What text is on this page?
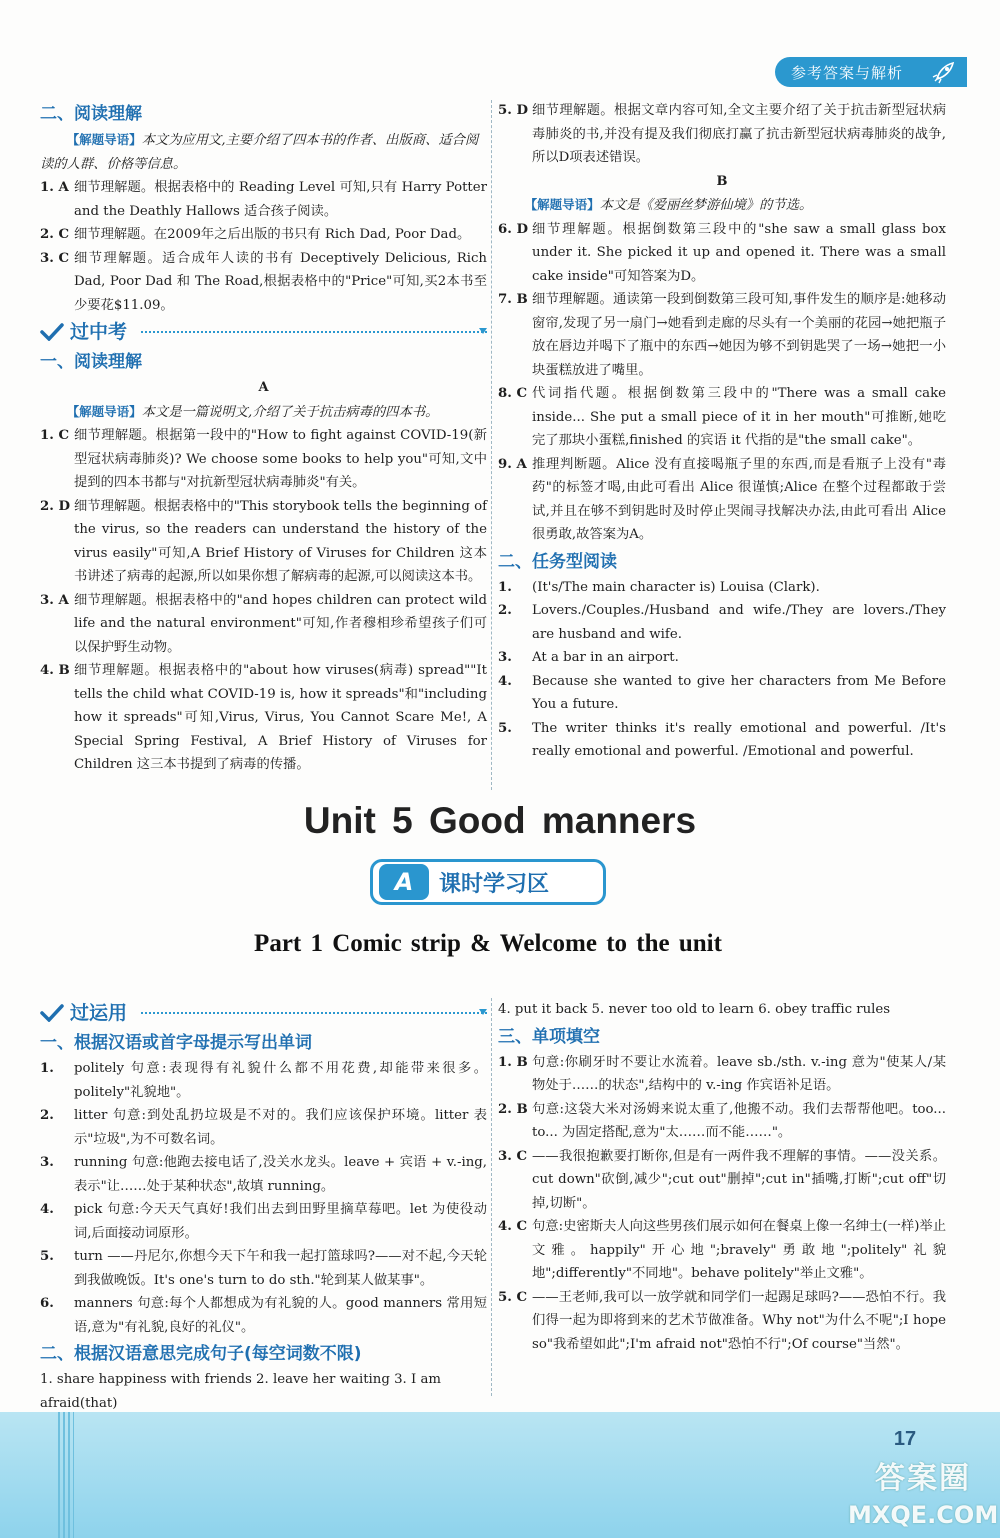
参考答案与解析
二、阅读理解
【解题导语】本文为应用文,主要介绍了四本书的作者、出版商、适合阅读的人群、价格等信息。
1. A 细节理解题。根据表格中的 Reading Level 可知,只有 Harry Potter and the Deathly Hallows 适合孩子阅读。
2. C 细节理解题。在2009年之后出版的书只有 Rich Dad, Poor Dad。
3. C 细节理解题。适合成年人读的书有 Deceptively Delicious, Rich Dad, Poor Dad 和 The Road,根据表格中的"Price"可知,买2本书至少要花$11.09。
过中考
一、阅读理解
A
【解题导语】本文是一篇说明文,介绍了关于抗击病毒的四本书。
1. C 细节理解题。根据第一段中的"How to fight against COVID-19(新型冠状病毒肺炎)? We choose some books to help you"可知,文中提到的四本书都与"对抗新型冠状病毒肺炎"有关。
2. D 细节理解题。根据表格中的"This storybook tells the beginning of the virus, so the readers can understand the history of the virus easily"可知,A Brief History of Viruses for Children 这本书讲述了病毒的起源,所以如果你想了解病毒的起源,可以阅读这本书。
3. A 细节理解题。根据表格中的"and hopes children can protect wild life and the natural environment"可知,作者穆相珍希望孩子们可以保护野生动物。
4. B 细节理解题。根据表格中的"about how viruses(病毒) spread""It tells the child what COVID-19 is, how it spreads"和"including how it spreads"可知,Virus, Virus, You Cannot Scare Me!, A Special Spring Festival, A Brief History of Viruses for Children 这三本书提到了病毒的传播。
5. D 细节理解题。根据文章内容可知,全文主要介绍了关于抗击新型冠状病毒肺炎的书,并没有提及我们彻底打赢了抗击新型冠状病毒肺炎的战争,所以D项表述错误。
B
【解题导语】本文是《爱丽丝梦游仙境》的节选。
6. D 细节理解题。根据倒数第三段中的"she saw a small glass box under it. She picked it up and opened it. There was a small cake inside"可知答案为D。
7. B 细节理解题。通读第一段到倒数第三段可知,事件发生的顺序是:她移动窗帘,发现了另一扇门→她看到走廊的尽头有一个美丽的花园→她把瓶子放在唇边并喝下了瓶中的东西→她因为够不到钥匙哭了一场→她把一小块蛋糕放进了嘴里。
8. C 代词指代题。根据倒数第三段中的"There was a small cake inside... She put a small piece of it in her mouth"可推断,她吃完了那块小蛋糕,finished 的宾语 it 代指的是"the small cake"。
9. A 推理判断题。Alice 没有直接喝瓶子里的东西,而是看瓶子上没有"毒药"的标签才喝,由此可看出 Alice 很谨慎;Alice 在整个过程都敢于尝试,并且在够不到钥匙时及时停止哭闹寻找解决办法,由此可看出 Alice 很勇敢,故答案为A。
二、任务型阅读
1.	(It's/The main character is) Louisa (Clark).
2.	Lovers./Couples./Husband and wife./They are lovers./They are husband and wife.
3.	At a bar in an airport.
4.	Because she wanted to give her characters from Me Before You a future.
5.	The writer thinks it's really emotional and powerful. /It's really emotional and powerful. /Emotional and powerful.
Unit 5 Good manners
A	课时学习区
Part 1 Comic strip & Welcome to the unit
过运用
一、根据汉语或首字母提示写出单词
1.	politely 句意:表现得有礼貌什么都不用花费,却能带来很多。politely"礼貌地"。
2.	litter 句意:到处乱扔垃圾是不对的。我们应该保护环境。litter 表示"垃圾",为不可数名词。
3.	running 句意:他跑去接电话了,没关水龙头。leave + 宾语 + v.-ing,表示"让……处于某种状态",故填 running。
4.	pick 句意:今天天气真好!我们出去到田野里摘草莓吧。let 为使役动词,后面接动词原形。
5.	turn ——丹尼尔,你想今天下午和我一起打篮球吗?——对不起,今天轮到我做晚饭。It's one's turn to do sth."轮到某人做某事"。
6.	manners 句意:每个人都想成为有礼貌的人。good manners 常用短语,意为"有礼貌,良好的礼仪"。
二、根据汉语意思完成句子(每空词数不限)
1. share happiness with friends 2. leave her waiting 3. I am afraid(that)
4. put it back 5. never too old to learn 6. obey traffic rules
三、单项填空
1. B 句意:你刷牙时不要让水流着。leave sb./sth. v.-ing 意为"使某人/某物处于……的状态",结构中的 v.-ing 作宾语补足语。
2. B 句意:这袋大米对汤姆来说太重了,他搬不动。我们去帮帮他吧。too... to... 为固定搭配,意为"太……而不能……"。
3. C ——我很抱歉要打断你,但是有一两件我不理解的事情。——没关系。cut down"砍倒,减少";cut out"删掉";cut in"插嘴,打断";cut off"切掉,切断"。
4. C 句意:史密斯夫人向这些男孩们展示如何在餐桌上像一名绅士(一样)举止文雅。happily"开心地";bravely"勇敢地";politely"礼貌地";differently"不同地"。behave politely"举止文雅"。
5. C ——王老师,我可以一放学就和同学们一起踢足球吗?——恐怕不行。我们得一起为即将到来的艺术节做准备。Why not"为什么不呢";I hope so"我希望如此";I'm afraid not"恐怕不行";Of course"当然"。
17
答案圈
MXQE.COM
